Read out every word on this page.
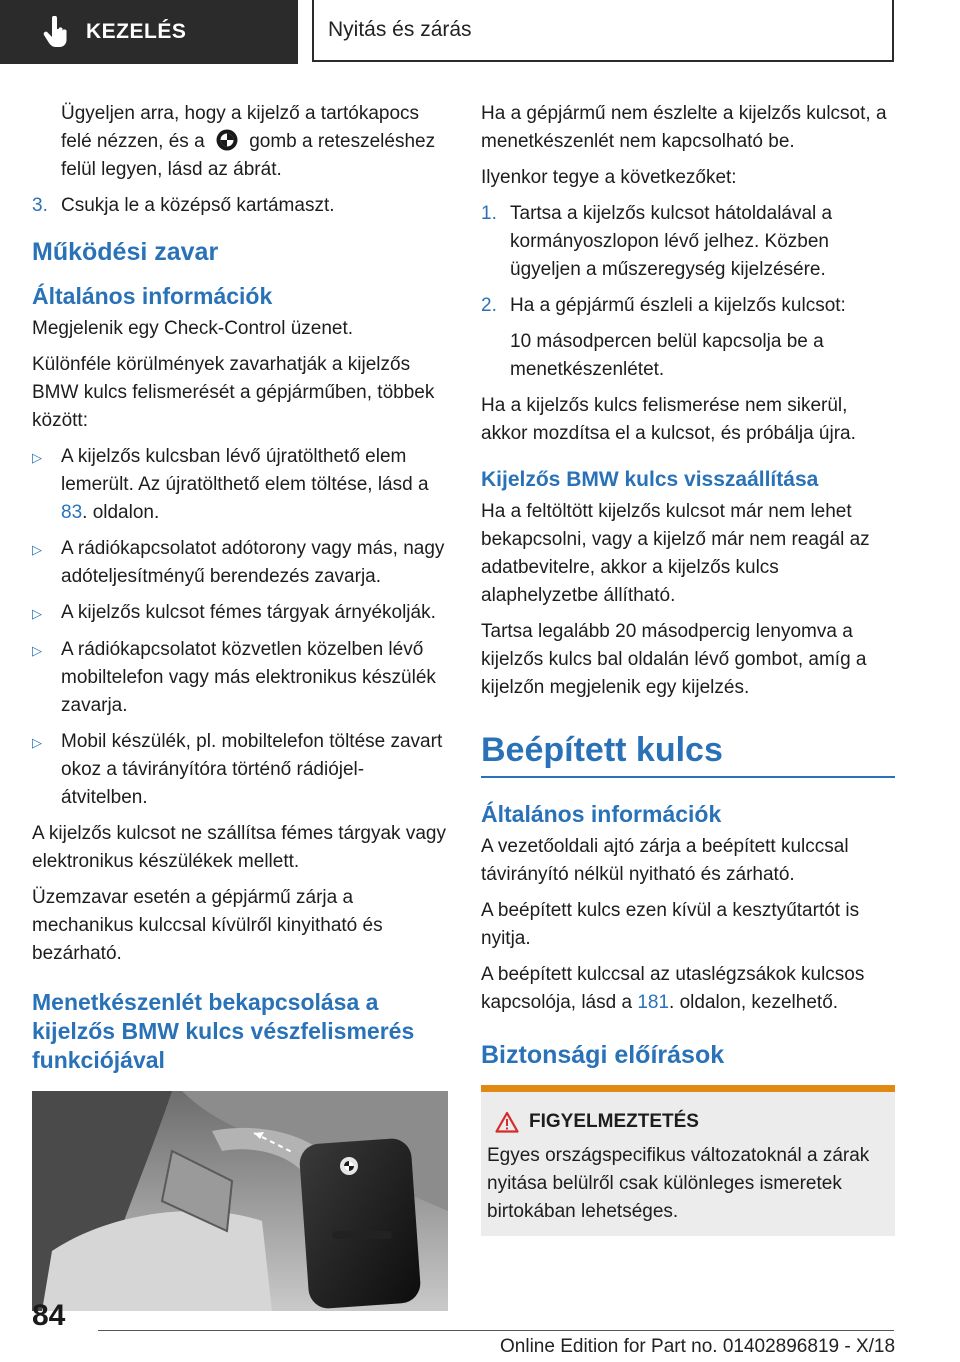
KEZELÉS	Nyitás és zárás

Ügyeljen arra, hogy a kijelző a tartókapocs felé nézzen, és a gomb a reteszeléshez felül legyen, lásd az ábrát.

3. Csukja le a középső kartámaszt.
Működési zavar
Általános információk

Megjelenik egy Check-Control üzenet.

Különféle körülmények zavarhatják a kijelzős BMW kulcs felismerését a gépjárműben, többek között:

▷	A kijelzős kulcsban lévő újratölthető elem lemerült. Az újratölthető elem töltése, lásd a 83. oldalon.
▷	A rádiókapcsolatot adótorony vagy más, nagy adóteljesítményű berendezés zavarja.
▷	A kijelzős kulcsot fémes tárgyak árnyékolják.
▷	A rádiókapcsolatot közvetlen közelben lévő mobiltelefon vagy más elektronikus készülék zavarja.
▷	Mobil készülék, pl. mobiltelefon töltése zavart okoz a távirányítóra történő rádiójel-átvitelben.

A kijelzős kulcsot ne szállítsa fémes tárgyak vagy elektronikus készülékek mellett.

Üzemzavar esetén a gépjármű zárja a mechanikus kulccsal kívülről kinyitható és bezárható.

Menetkészenlét bekapcsolása a kijelzős BMW kulcs vészfelismerés funkciójával

Ha a gépjármű nem észlelte a kijelzős kulcsot, a menetkészenlét nem kapcsolható be.

Ilyenkor tegye a következőket:

1. Tartsa a kijelzős kulcsot hátoldalával a kormányoszlopon lévő jelhez. Közben ügyeljen a műszeregység kijelzésére.
2. Ha a gépjármű észleli a kijelzős kulcsot:

10 másodpercen belül kapcsolja be a menetkészenlétet.

Ha a kijelzős kulcs felismerése nem sikerül, akkor mozdítsa el a kulcsot, és próbálja újra.

Kijelzős BMW kulcs visszaállítása

Ha a feltöltött kijelzős kulcsot már nem lehet bekapcsolni, vagy a kijelző már nem reagál az adatbevitelre, akkor a kijelzős kulcs alaphelyzetbe állítható.

Tartsa legalább 20 másodpercig lenyomva a kijelzős kulcs bal oldalán lévő gombot, amíg a kijelzőn megjelenik egy kijelzés.

Beépített kulcs
Általános információk

A vezetőoldali ajtó zárja a beépített kulccsal távirányító nélkül nyitható és zárható.

A beépített kulcs ezen kívül a kesztyűtartót is nyitja.

A beépített kulccsal az utaslégzsákok kulcsos kapcsolója, lásd a 181. oldalon, kezelhető.

Biztonsági előírások
FIGYELMEZTETÉS

Egyes országspecifikus változatoknál a zárak nyitása belülről csak különleges ismeretek birtokában lehetséges.

84
Online Edition for Part no. 01402896819 - X/18
